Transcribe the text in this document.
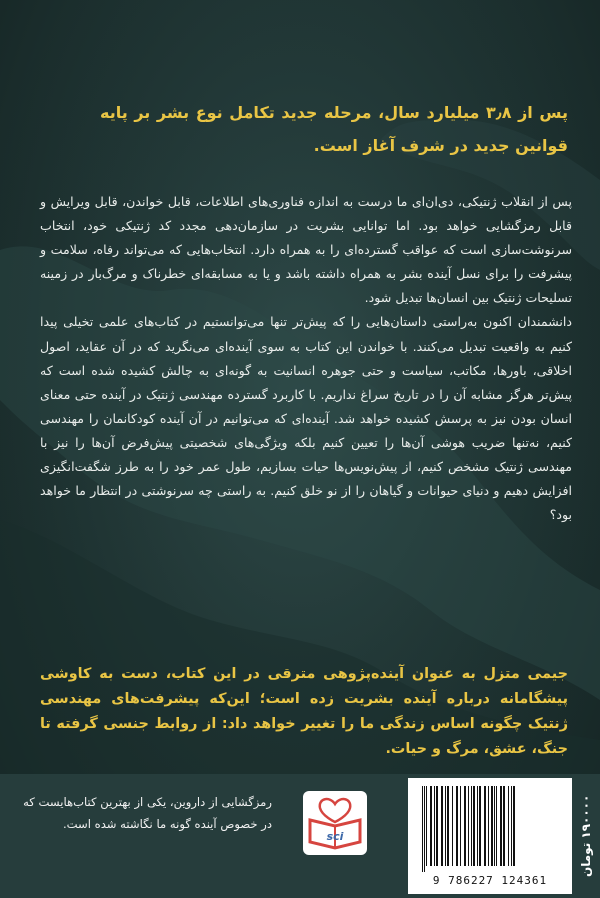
پس از ۳٫۸ میلیارد سال، مرحله جدید تکامل نوع بشر بر پایه قوانین جدید در شرف آغاز است.

پس از انقلاب ژنتیکی، دی‌ان‌ای ما درست به اندازه فناوری‌های اطلاعات، قابل خواندن، قابل ویرایش و قابل رمزگشایی خواهد بود. اما توانایی بشریت در سازمان‌دهی مجدد کد ژنتیکی خود، انتخاب سرنوشت‌سازی است که عواقب گسترده‌ای را به همراه دارد. انتخاب‌هایی که می‌تواند رفاه، سلامت و پیشرفت را برای نسل آینده بشر به همراه داشته باشد و یا به مسابقه‌ای خطرناک و مرگ‌بار در زمینه تسلیحات ژنتیک بین انسان‌ها تبدیل شود.

دانشمندان اکنون به‌راستی داستان‌هایی را که پیش‌تر تنها می‌توانستیم در کتاب‌های علمی تخیلی پیدا کنیم به واقعیت تبدیل می‌کنند. با خواندن این کتاب به سوی آینده‌ای می‌نگرید که در آن عقاید، اصول اخلاقی، باورها، مکاتب، سیاست و حتی جوهره انسانیت به گونه‌ای به چالش کشیده شده است که پیش‌تر هرگز مشابه آن را در تاریخ سراغ نداریم. با کاربرد گسترده مهندسی ژنتیک در آینده حتی معنای انسان بودن نیز به پرسش کشیده خواهد شد. آینده‌ای که می‌توانیم در آن آینده کودکانمان را مهندسی کنیم، نه‌تنها ضریب هوشی آن‌ها را تعیین کنیم بلکه ویژگی‌های شخصیتی پیش‌فرض آن‌ها را نیز با مهندسی ژنتیک مشخص کنیم، از پیش‌نویس‌ها حیات بسازیم، طول عمر خود را به طرز شگفت‌انگیزی افزایش دهیم و دنیای حیوانات و گیاهان را از نو خلق کنیم. به راستی چه سرنوشتی در انتظار ما خواهد بود؟

جیمی متزل به عنوان آینده‌پژوهی مترقی در این کتاب، دست به کاوشی پیشگامانه درباره آینده بشریت زده است؛ این‌که پیشرفت‌های مهندسی ژنتیک چگونه اساس زندگی ما را تغییر خواهد داد: از روابط جنسی گرفته تا جنگ، عشق، مرگ و حیات.
رمزگشایی از داروین، یکی از بهترین کتاب‌هایست که در خصوص آینده گونه ما نگاشته شده است.
sci
9 786227 124361
۱۹۰۰۰۰ تومان
